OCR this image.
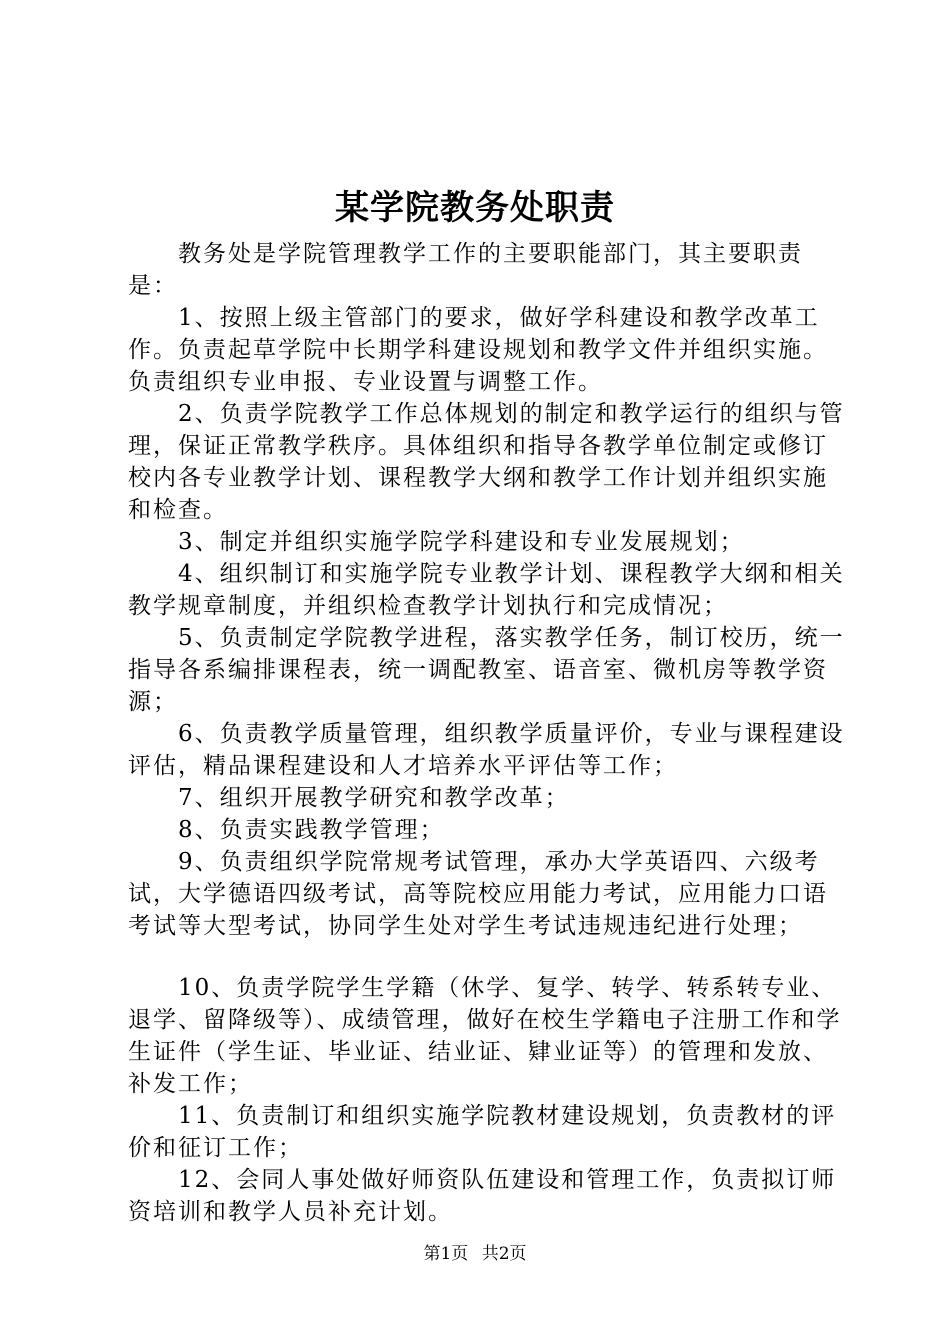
某学院教务处职责

教务处是学院管理教学工作的主要职能部门，其主要职责是：

1、按照上级主管部门的要求，做好学科建设和教学改革工作。负责起草学院中长期学科建设规划和教学文件并组织实施。负责组织专业申报、专业设置与调整工作。

2、负责学院教学工作总体规划的制定和教学运行的组织与管理，保证正常教学秩序。具体组织和指导各教学单位制定或修订校内各专业教学计划、课程教学大纲和教学工作计划并组织实施和检查。

3、制定并组织实施学院学科建设和专业发展规划；

4、组织制订和实施学院专业教学计划、课程教学大纲和相关教学规章制度，并组织检查教学计划执行和完成情况；

5、负责制定学院教学进程，落实教学任务，制订校历，统一指导各系编排课程表，统一调配教室、语音室、微机房等教学资源；

6、负责教学质量管理，组织教学质量评价，专业与课程建设评估，精品课程建设和人才培养水平评估等工作；

7、组织开展教学研究和教学改革；

8、负责实践教学管理；

9、负责组织学院常规考试管理，承办大学英语四、六级考试，大学德语四级考试，高等院校应用能力考试，应用能力口语考试等大型考试，协同学生处对学生考试违规违纪进行处理；

10、负责学院学生学籍（休学、复学、转学、转系转专业、退学、留降级等）、成绩管理，做好在校生学籍电子注册工作和学生证件（学生证、毕业证、结业证、肄业证等）的管理和发放、补发工作；

11、负责制订和组织实施学院教材建设规划，负责教材的评价和征订工作；

12、会同人事处做好师资队伍建设和管理工作，负责拟订师资培训和教学人员补充计划。

第1页 共2页
